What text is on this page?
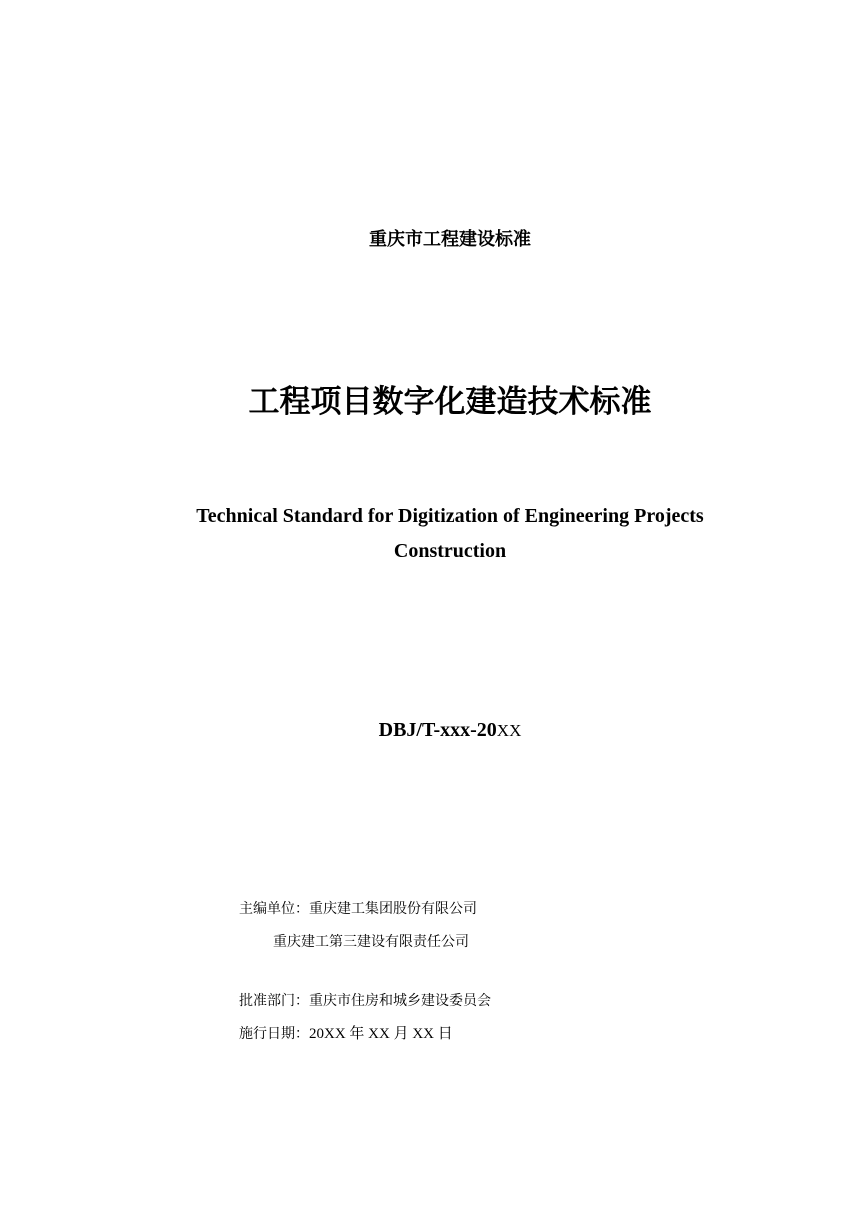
重庆市工程建设标准
工程项目数字化建造技术标准
Technical Standard for Digitization of Engineering Projects
Construction
DBJ/T-xxx-20XX
主编单位：重庆建工集团股份有限公司
重庆建工第三建设有限责任公司
批准部门：重庆市住房和城乡建设委员会
施行日期：20XX 年 XX 月 XX 日
